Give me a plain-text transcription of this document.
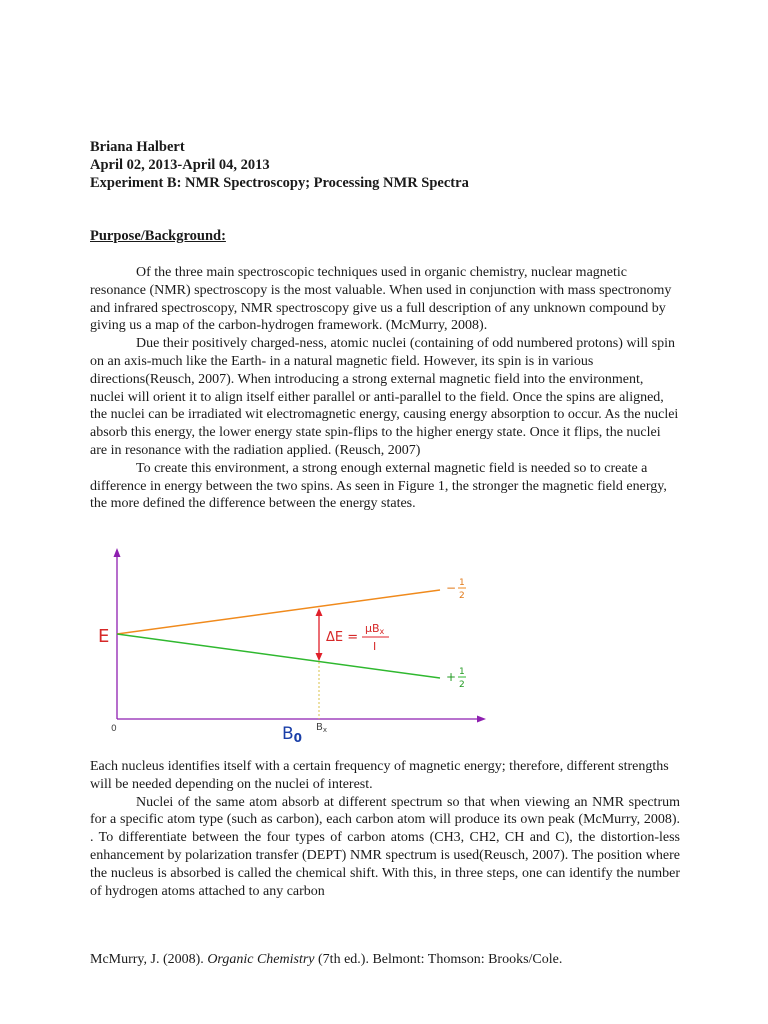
Briana Halbert
April 02, 2013-April 04, 2013
Experiment B: NMR Spectroscopy; Processing NMR Spectra
Purpose/Background:

Of the three main spectroscopic techniques used in organic chemistry, nuclear magnetic resonance (NMR) spectroscopy is the most valuable. When used in conjunction with mass spectronomy and infrared spectroscopy, NMR spectroscopy give us a full description of any unknown compound by giving us a map of the carbon-hydrogen framework. (McMurry, 2008).

Due their positively charged-ness, atomic nuclei (containing of odd numbered protons) will spin on an axis-much like the Earth- in a natural magnetic field. However, its spin is in various directions(Reusch, 2007). When introducing a strong external magnetic field into the environment, nuclei will orient it to align itself either parallel or anti-parallel to the field. Once the spins are aligned, the nuclei can be irradiated wit electromagnetic energy, causing energy absorption to occur. As the nuclei absorb this energy, the lower energy state spin-flips to the higher energy state. Once it flips, the nuclei are in resonance with the radiation applied. (Reusch, 2007)

To create this environment, a strong enough external magnetic field is needed so to create a difference in energy between the two spins. As seen in Figure 1, the stronger the magnetic field energy, the more defined the difference between the energy states.

E
0	B0
$B_x$
ΔE =
μBx
I
− 1
2
+ 1
2

Each nucleus identifies itself with a certain frequency of magnetic energy; therefore, different strengths will be needed depending on the nuclei of interest.

Nuclei of the same atom absorb at different spectrum so that when viewing an NMR spectrum for a specific atom type (such as carbon), each carbon atom will produce its own peak (McMurry, 2008). . To differentiate between the four types of carbon atoms (CH3, CH2, CH and C), the distortion-less enhancement by polarization transfer (DEPT) NMR spectrum is used(Reusch, 2007). The position where the nucleus is absorbed is called the chemical shift. With this, in three steps, one can identify the number of hydrogen atoms attached to any carbon

McMurry, J. (2008). Organic Chemistry (7th ed.). Belmont: Thomson: Brooks/Cole.
